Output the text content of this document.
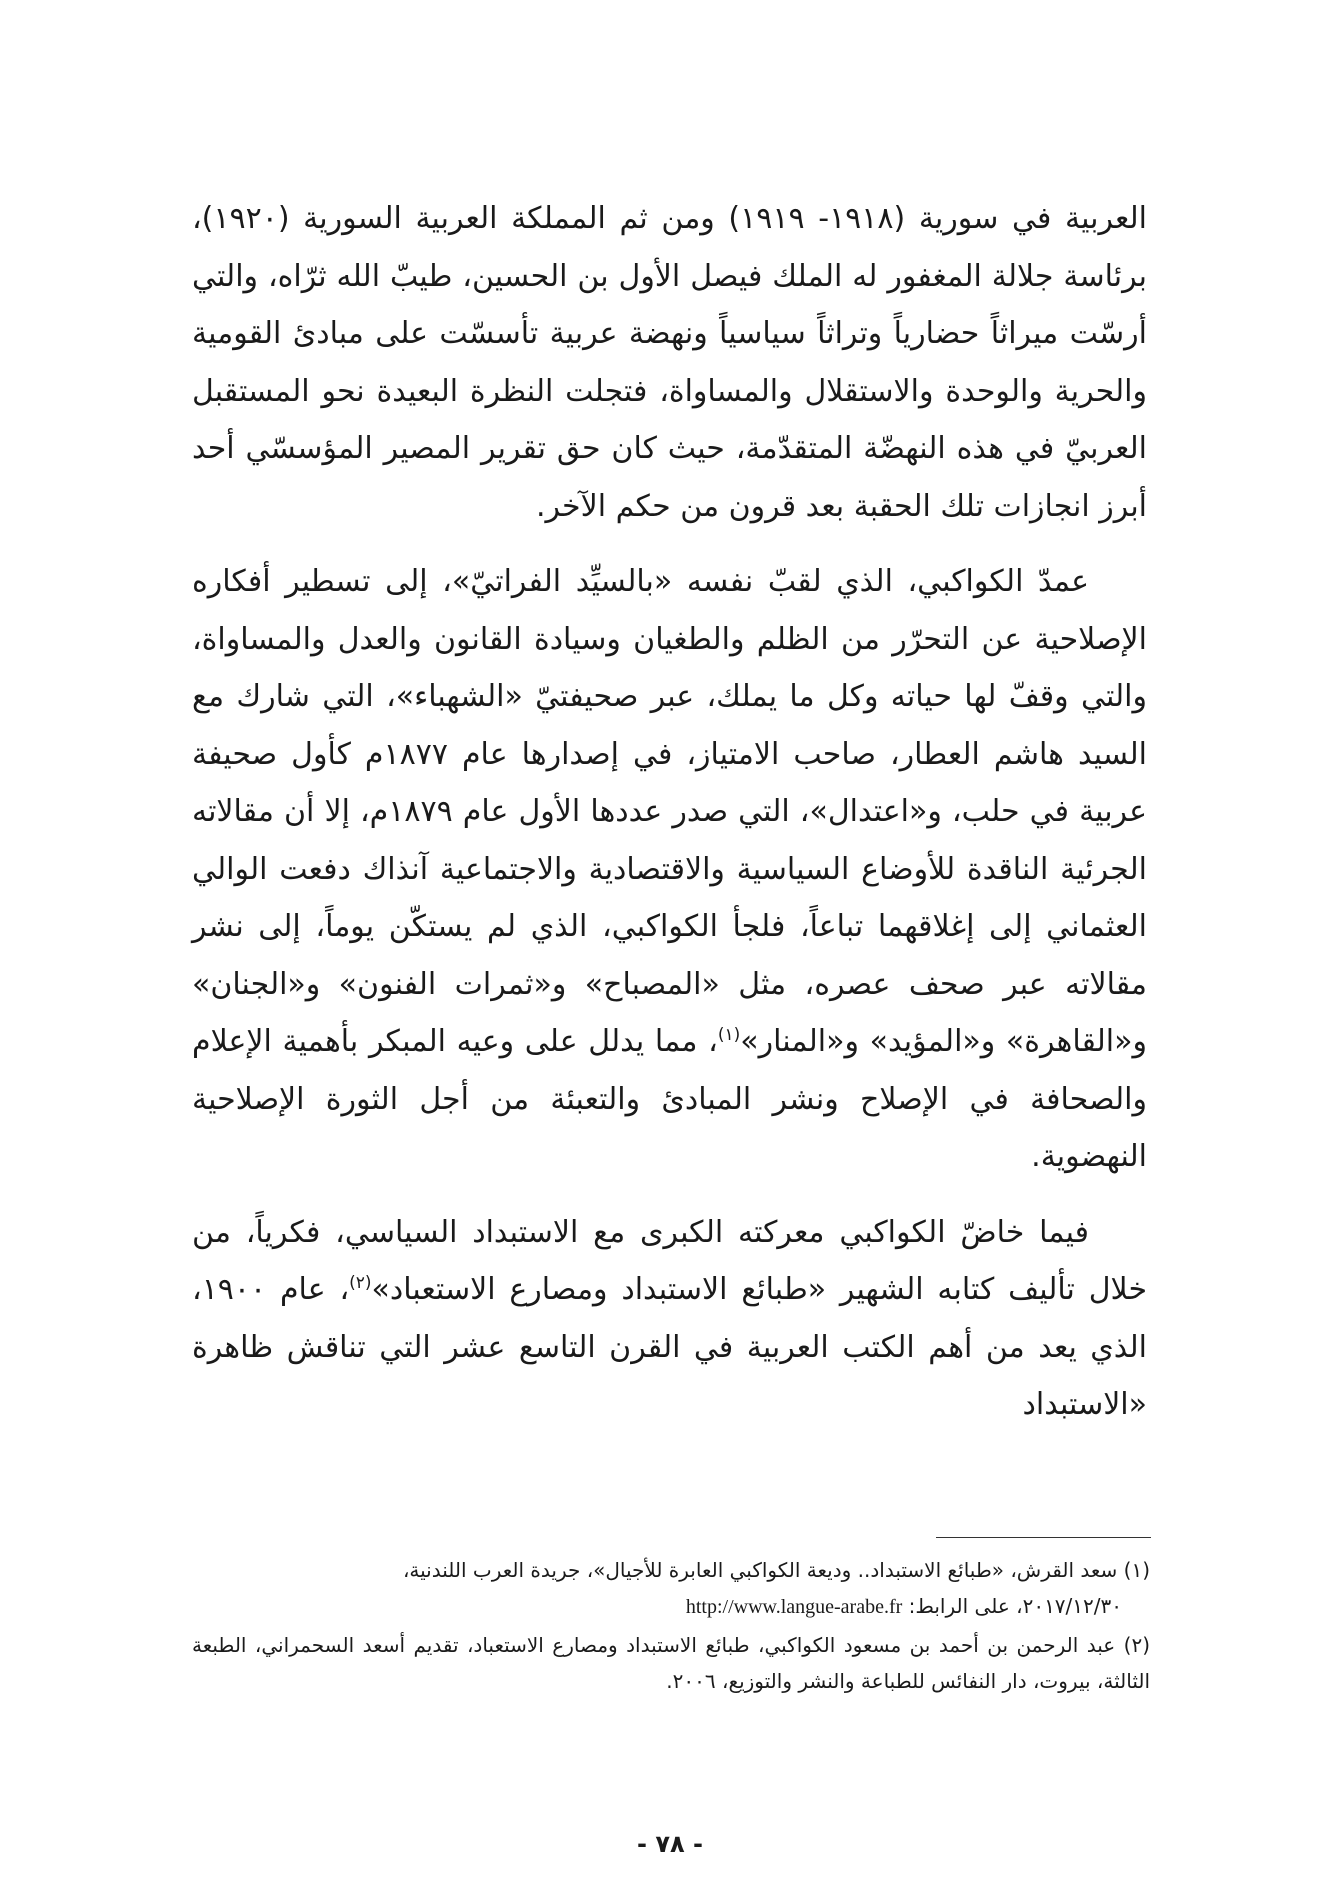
العربية في سورية (١٩١٨- ١٩١٩) ومن ثم المملكة العربية السورية (١٩٢٠)، برئاسة جلالة المغفور له الملك فيصل الأول بن الحسين، طيبّ الله ثرّاه، والتي أرسّت ميراثاً حضارياً وتراثاً سياسياً ونهضة عربية تأسسّت على مبادئ القومية والحرية والوحدة والاستقلال والمساواة، فتجلت النظرة البعيدة نحو المستقبل العربيّ في هذه النهضّة المتقدّمة، حيث كان حق تقرير المصير المؤسسّي أحد أبرز انجازات تلك الحقبة بعد قرون من حكم الآخر.

عمدّ الكواكبي، الذي لقبّ نفسه «بالسيِّد الفراتيّ»، إلى تسطير أفكاره الإصلاحية عن التحرّر من الظلم والطغيان وسيادة القانون والعدل والمساواة، والتي وقفّ لها حياته وكل ما يملك، عبر صحيفتيّ «الشهباء»، التي شارك مع السيد هاشم العطار، صاحب الامتياز، في إصدارها عام ١٨٧٧م كأول صحيفة عربية في حلب، و«اعتدال»، التي صدر عددها الأول عام ١٨٧٩م، إلا أن مقالاته الجرئية الناقدة للأوضاع السياسية والاقتصادية والاجتماعية آنذاك دفعت الوالي العثماني إلى إغلاقهما تباعاً، فلجأ الكواكبي، الذي لم يستكّن يوماً، إلى نشر مقالاته عبر صحف عصره، مثل «المصباح» و«ثمرات الفنون» و«الجنان» و«القاهرة» و«المؤيد» و«المنار»$^{(١)}$، مما يدلل على وعيه المبكر بأهمية الإعلام والصحافة في الإصلاح ونشر المبادئ والتعبئة من أجل الثورة الإصلاحية النهضوية.

فيما خاضّ الكواكبي معركته الكبرى مع الاستبداد السياسي، فكرياً، من خلال تأليف كتابه الشهير «طبائع الاستبداد ومصارع الاستعباد»$^{(٢)}$، عام ١٩٠٠، الذي يعد من أهم الكتب العربية في القرن التاسع عشر التي تناقش ظاهرة «الاستبداد

(١) سعد القرش، «طبائع الاستبداد.. وديعة الكواكبي العابرة للأجيال»، جريدة العرب اللندنية،
٢٠١٧/١٢/٣٠، على الرابط: http://www.langue-arabe.fr

(٢) عبد الرحمن بن أحمد بن مسعود الكواكبي، طبائع الاستبداد ومصارع الاستعباد، تقديم أسعد السحمراني، الطبعة الثالثة، بيروت، دار النفائس للطباعة والنشر والتوزيع، ٢٠٠٦.

- ٧٨ -
